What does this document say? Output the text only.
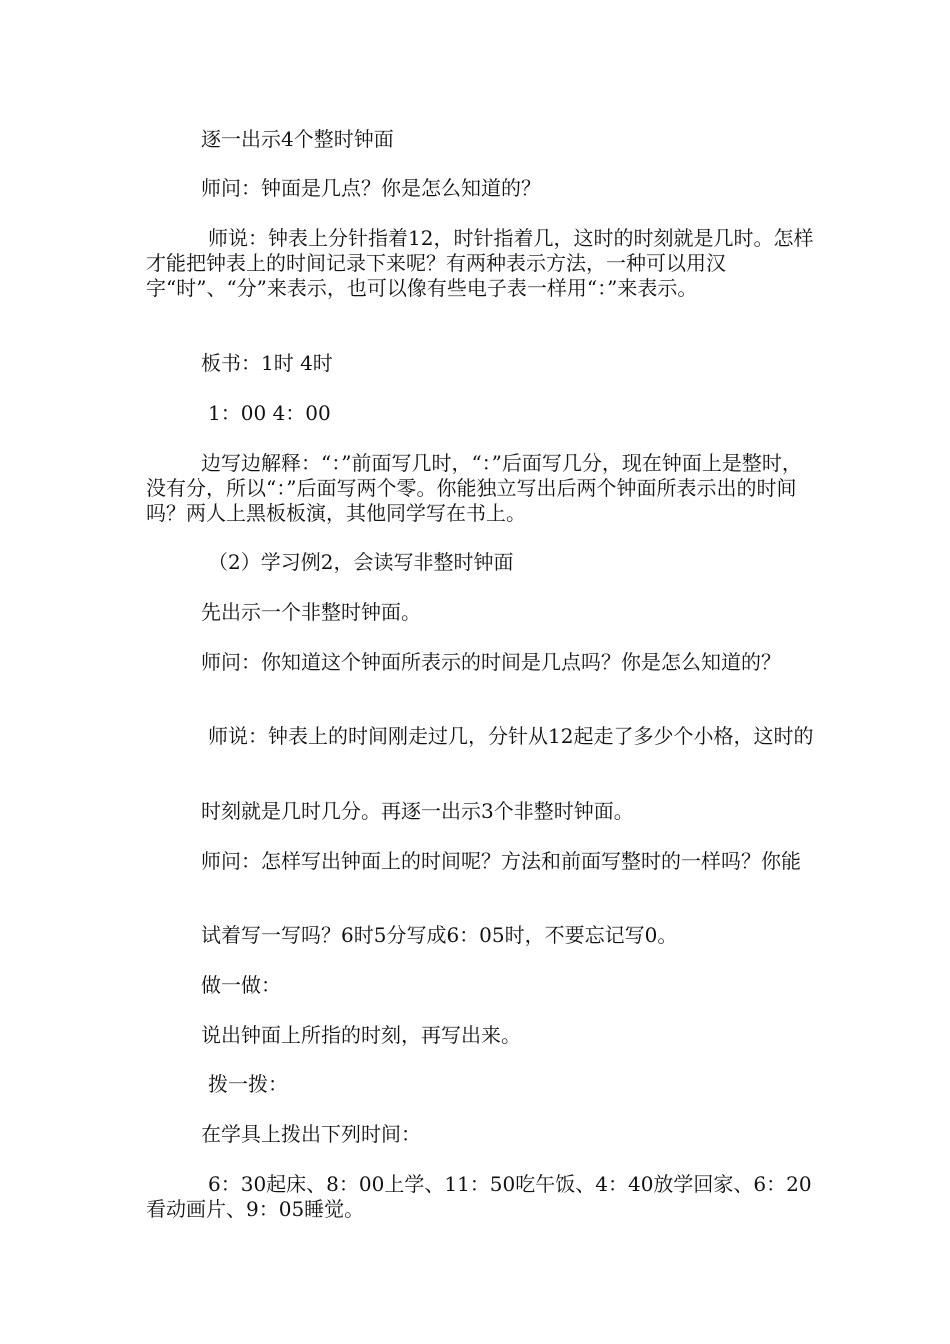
逐一出示4个整时钟面

师问：钟面是几点？你是怎么知道的？

师说：钟表上分针指着12，时针指着几，这时的时刻就是几时。怎样才能把钟表上的时间记录下来呢？有两种表示方法，一种可以用汉字“时”、“分”来表示，也可以像有些电子表一样用“：”来表示。

板书：1时 4时

1：00 4：00

边写边解释：“：”前面写几时，“：”后面写几分，现在钟面上是整时，没有分，所以“：”后面写两个零。你能独立写出后两个钟面所表示出的时间吗？两人上黑板板演，其他同学写在书上。

（2）学习例2，会读写非整时钟面

先出示一个非整时钟面。

师问：你知道这个钟面所表示的时间是几点吗？你是怎么知道的？

师说：钟表上的时间刚走过几，分针从12起走了多少个小格，这时的

时刻就是几时几分。再逐一出示3个非整时钟面。

师问：怎样写出钟面上的时间呢？方法和前面写整时的一样吗？你能

试着写一写吗？6时5分写成6：05时，不要忘记写0。

做一做：

说出钟面上所指的时刻，再写出来。

拨一拨：

在学具上拨出下列时间：

6：30起床、8：00上学、11：50吃午饭、4：40放学回家、6：20看动画片、9：05睡觉。
